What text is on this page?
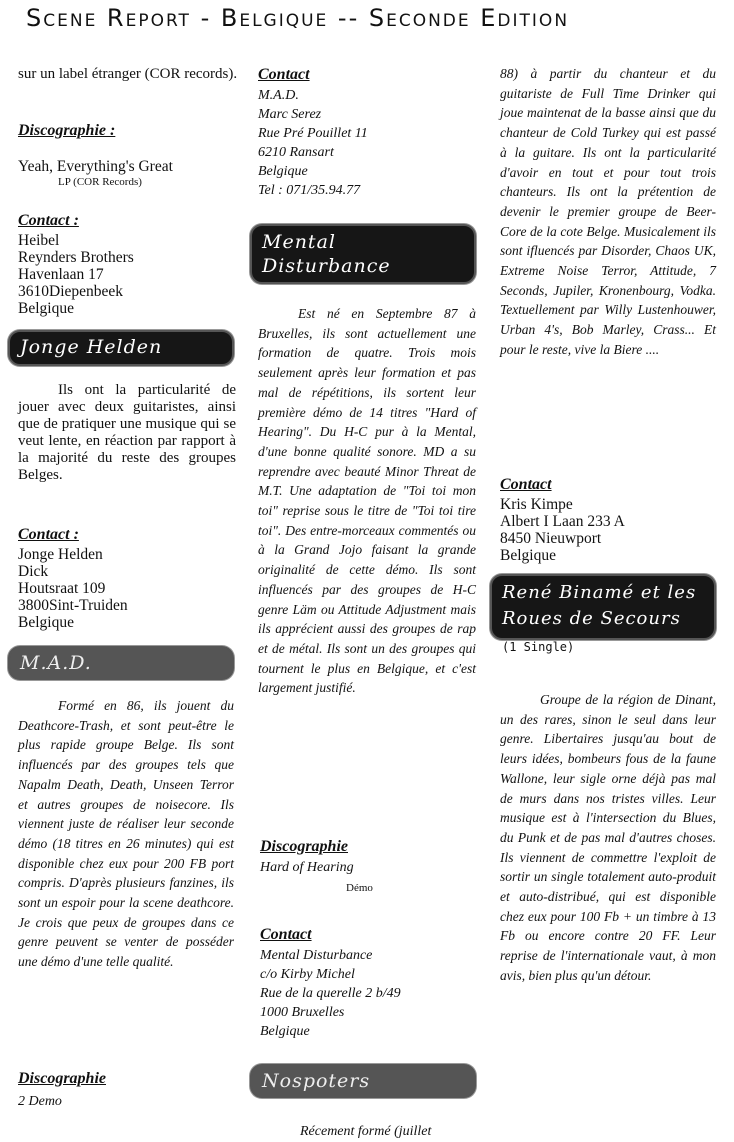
Scene Report - Belgique -- Seconde Edition

sur un label étranger (COR records).

Discographie :
Yeah, Everything's Great
LP (COR Records)
Contact :
Heibel
Reynders Brothers
Havenlaan 17
3610Diepenbeek
Belgique
Jonge Helden

Ils ont la particularité de jouer avec deux guitaristes, ainsi que de pratiquer une musique qui se veut lente, en réaction par rapport à la majorité du reste des groupes Belges.

Contact :
Jonge Helden
Dick
Houtsraat 109
3800Sint-Truiden
Belgique
M.A.D.

Formé en 86, ils jouent du Deathcore-Trash, et sont peut-être le plus rapide groupe Belge. Ils sont influencés par des groupes tels que Napalm Death, Death, Unseen Terror et autres groupes de noisecore. Ils viennent juste de réaliser leur seconde démo (18 titres en 26 minutes) qui est disponible chez eux pour 200 FB port compris. D'après plusieurs fanzines, ils sont un espoir pour la scene deathcore. Je crois que peux de groupes dans ce genre peuvent se venter de posséder une démo d'une telle qualité.

Discographie
2 Demo
Contact
M.A.D.
Marc Serez
Rue Pré Pouillet 11
6210 Ransart
Belgique
Tel : 071/35.94.77
Mental
Disturbance

Est né en Septembre 87 à Bruxelles, ils sont actuellement une formation de quatre. Trois mois seulement après leur formation et pas mal de répétitions, ils sortent leur première démo de 14 titres "Hard of Hearing". Du H-C pur à la Mental, d'une bonne qualité sonore. MD a su reprendre avec beauté Minor Threat de M.T. Une adaptation de "Toi toi mon toi" reprise sous le titre de "Toi toi tire toi". Des entre-morceaux commentés ou à la Grand Jojo faisant la grande originalité de cette démo. Ils sont influencés par des groupes de H-C genre Läm ou Attitude Adjustment mais ils apprécient aussi des groupes de rap et de métal. Ils sont un des groupes qui tournent le plus en Belgique, et c'est largement justifié.

Discographie
Hard of Hearing
Démo
Contact
Mental Disturbance
c/o Kirby Michel
Rue de la querelle 2 b/49
1000 Bruxelles
Belgique
Nospoters
Récement formé (juillet

88) à partir du chanteur et du guitariste de Full Time Drinker qui joue maintenat de la basse ainsi que du chanteur de Cold Turkey qui est passé à la guitare. Ils ont la particularité d'avoir en tout et pour tout trois chanteurs. Ils ont la prétention de devenir le premier groupe de Beer-Core de la cote Belge. Musicalement ils sont ifluencés par Disorder, Chaos UK, Extreme Noise Terror, Attitude, 7 Seconds, Jupiler, Kronenbourg, Vodka. Textuellement par Willy Lustenhouwer, Urban 4's, Bob Marley, Crass... Et pour le reste, vive la Biere ....

Contact
Kris Kimpe
Albert I Laan 233 A
8450 Nieuwport
Belgique
René Binamé et les
Roues de Secours
(1 Single)

Groupe de la région de Dinant, un des rares, sinon le seul dans leur genre. Libertaires jusqu'au bout de leurs idées, bombeurs fous de la faune Wallone, leur sigle orne déjà pas mal de murs dans nos tristes villes. Leur musique est à l'intersection du Blues, du Punk et de pas mal d'autres choses. Ils viennent de commettre l'exploit de sortir un single totalement auto-produit et auto-distribué, qui est disponible chez eux pour 100 Fb + un timbre à 13 Fb ou encore contre 20 FF. Leur reprise de l'internationale vaut, à mon avis, bien plus qu'un détour.
